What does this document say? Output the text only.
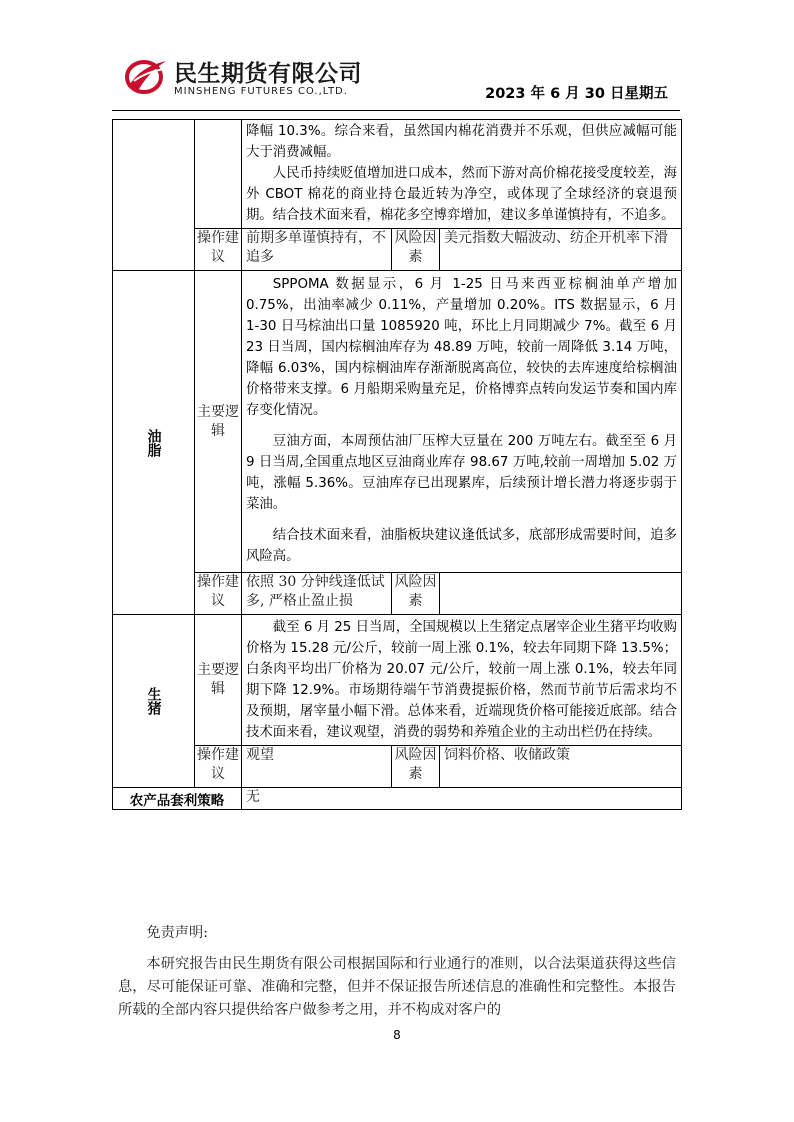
民生期货有限公司
MINSHENG FUTURES CO.,LTD.	2023 年 6 月 30 日星期五

		降幅 10.3%。综合来看，虽然国内棉花消费并不乐观，但供应减幅可能大于消费减幅。

人民币持续贬值增加进口成本，然而下游对高价棉花接受度较差，海外 CBOT 棉花的商业持仓最近转为净空，或体现了全球经济的衰退预期。结合技术面来看，棉花多空博弈增加，建议多单谨慎持有，不追多。		

	操作建议	前期多单谨慎持有，不追多	风险因素	美元指数大幅波动、纺企开机率下滑
油脂	主要逻辑	SPPOMA 数据显示，6 月 1-25 日马来西亚棕榈油单产增加 0.75%，出油率减少 0.11%，产量增加 0.20%。ITS 数据显示，6 月 1-30 日马棕油出口量 1085920 吨，环比上月同期减少 7%。截至 6 月 23 日当周，国内棕榈油库存为 48.89 万吨，较前一周降低 3.14 万吨，降幅 6.03%，国内棕榈油库存渐渐脱离高位，较快的去库速度给棕榈油价格带来支撑。6 月船期采购量充足，价格博弈点转向发运节奏和国内库存变化情况。

豆油方面，本周预估油厂压榨大豆量在 200 万吨左右。截至至 6 月 9 日当周,全国重点地区豆油商业库存 98.67 万吨,较前一周增加 5.02 万吨，涨幅 5.36%。豆油库存已出现累库，后续预计增长潜力将逐步弱于菜油。

结合技术面来看，油脂板块建议逢低试多，底部形成需要时间，追多风险高。		

	操作建议	依照 30 分钟线逢低试多, 严格止盈止损	风险因素	
生猪	主要逻辑	截至 6 月 25 日当周，全国规模以上生猪定点屠宰企业生猪平均收购价格为 15.28 元/公斤，较前一周上涨 0.1%，较去年同期下降 13.5%；白条肉平均出厂价格为 20.07 元/公斤，较前一周上涨 0.1%，较去年同期下降 12.9%。市场期待端午节消费提振价格，然而节前节后需求均不及预期，屠宰量小幅下滑。总体来看，近端现货价格可能接近底部。结合技术面来看，建议观望，消费的弱势和养殖企业的主动出栏仍在持续。		

	操作建议	观望	风险因素	饲料价格、收储政策
农产品套利策略		无		

免责声明:

本研究报告由民生期货有限公司根据国际和行业通行的准则，以合法渠道获得这些信息，尽可能保证可靠、准确和完整，但并不保证报告所述信息的准确性和完整性。本报告所载的全部内容只提供给客户做参考之用，并不构成对客户的

8
